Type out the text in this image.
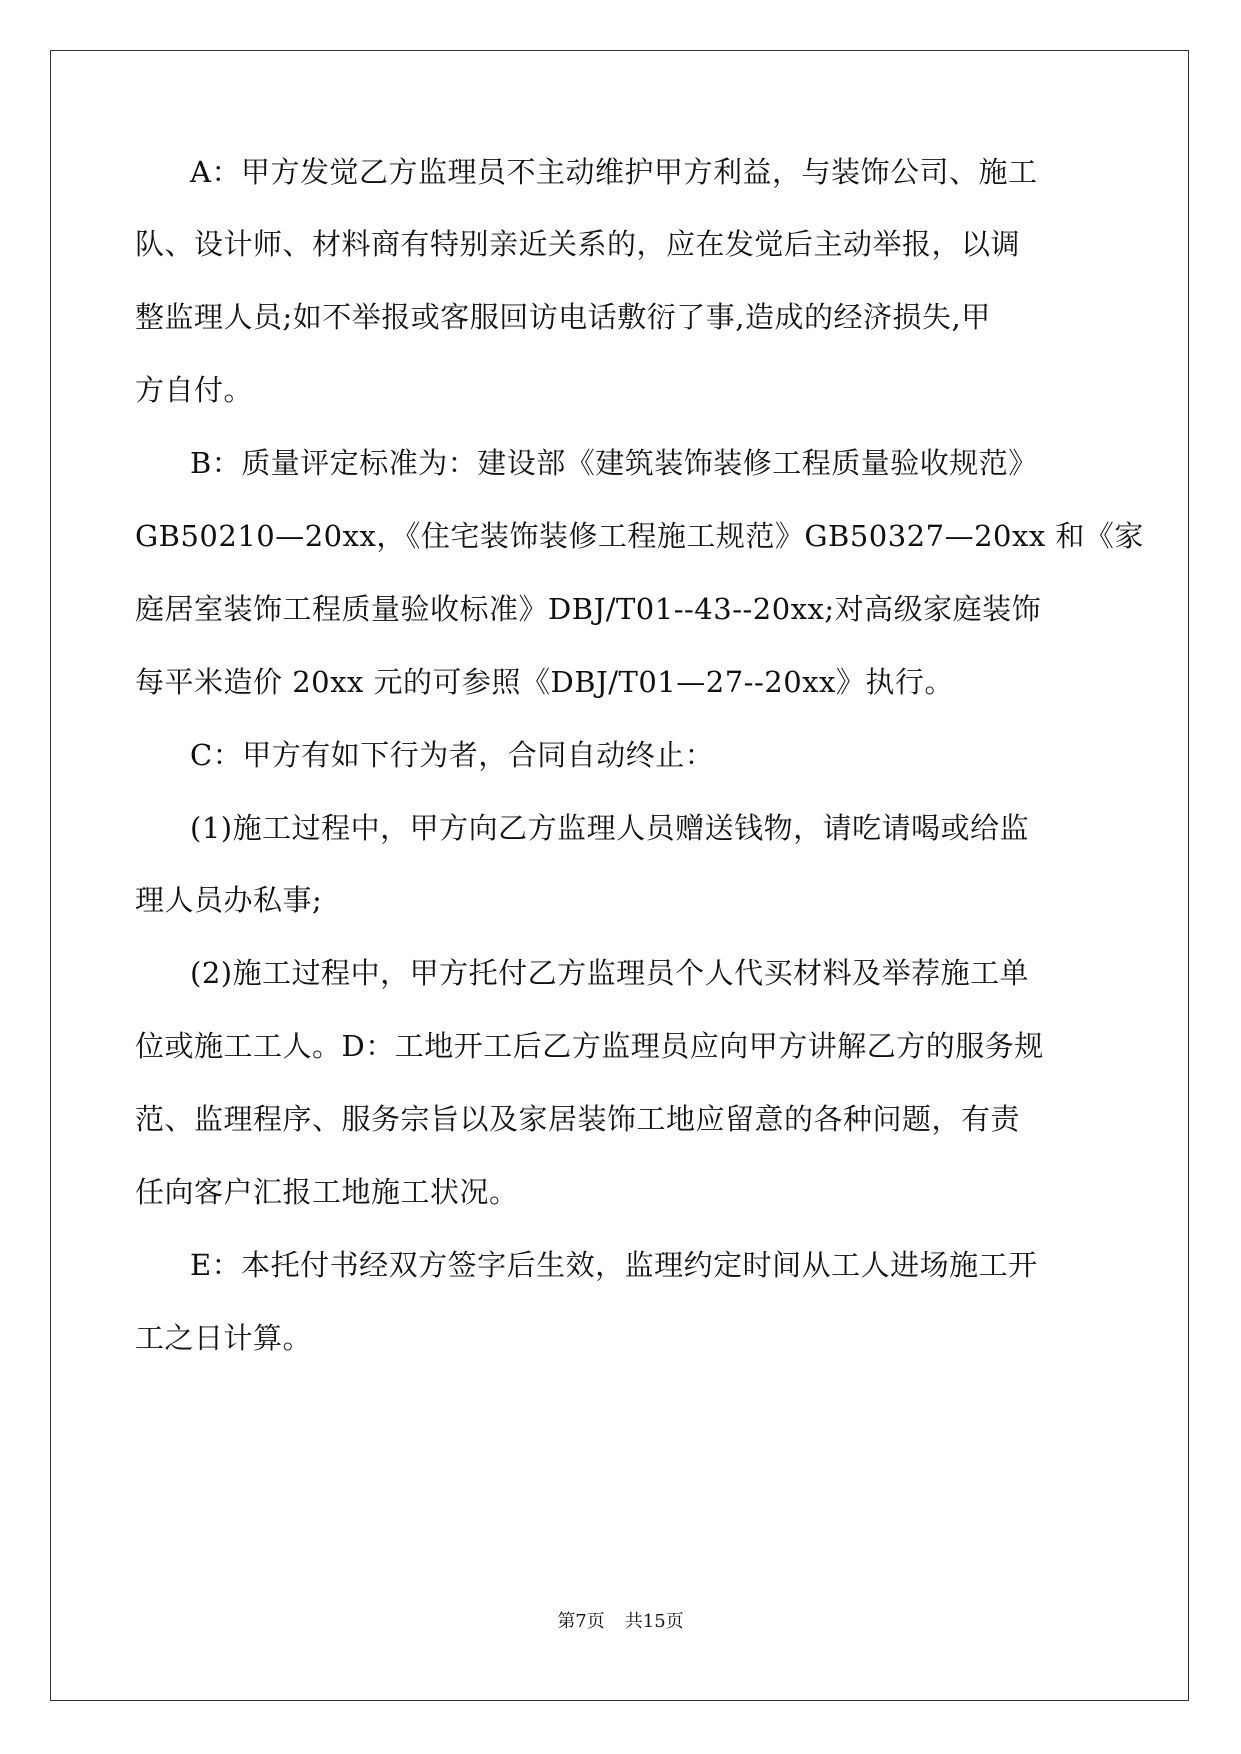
A：甲方发觉乙方监理员不主动维护甲方利益，与装饰公司、施工

队、设计师、材料商有特别亲近关系的，应在发觉后主动举报，以调

整监理人员;如不举报或客服回访电话敷衍了事,造成的经济损失,甲

方自付。

B：质量评定标准为：建设部《建筑装饰装修工程质量验收规范》

GB50210—20xx，《住宅装饰装修工程施工规范》GB50327—20xx 和《家

庭居室装饰工程质量验收标准》DBJ/T01--43--20xx;对高级家庭装饰

每平米造价 20xx 元的可参照《DBJ/T01—27--20xx》执行。

C：甲方有如下行为者，合同自动终止：

(1)施工过程中，甲方向乙方监理人员赠送钱物，请吃请喝或给监

理人员办私事;

(2)施工过程中，甲方托付乙方监理员个人代买材料及举荐施工单

位或施工工人。D：工地开工后乙方监理员应向甲方讲解乙方的服务规

范、监理程序、服务宗旨以及家居装饰工地应留意的各种问题，有责

任向客户汇报工地施工状况。

E：本托付书经双方签字后生效，监理约定时间从工人进场施工开

工之日计算。

第7页 共15页
